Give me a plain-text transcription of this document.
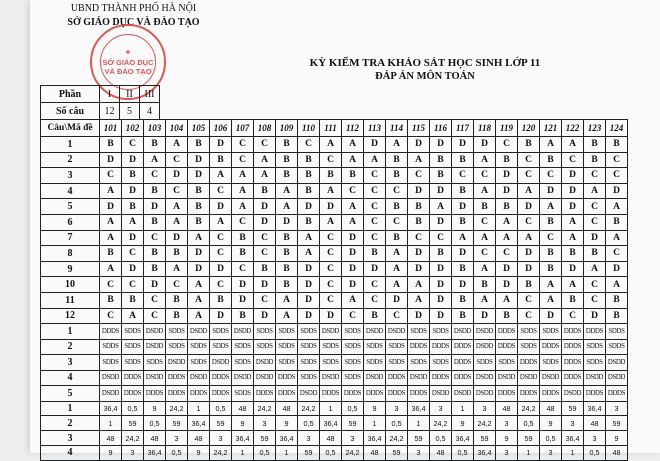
UBND THÀNH PHỐ HÀ NỘI
SỞ GIÁO DỤC VÀ ĐÀO TẠO
★
SỞ GIÁO DỤC
VÀ ĐÀO TẠO
KỲ KIỂM TRA KHẢO SÁT HỌC SINH LỚP 11
ĐÁP ÁN MÔN TOÁN
Phần	I	II	III
Số câu	12	5	4
Câu\Mã đề	101	102	103	104	105	106	107	108	109	110	111	112	113	114	115	116	117	118	119	120	121	122	123	124
1	B	C	B	A	B	D	C	C	B	C	A	A	D	A	D	D	D	D	C	B	A	A	B	B
2	D	D	A	C	D	B	C	A	B	B	C	A	A	B	A	B	B	A	B	C	B	C	B	C
3	C	B	C	D	D	A	A	A	B	B	B	B	C	B	C	B	C	C	D	C	C	D	C	C
4	A	D	B	C	B	C	A	B	A	B	A	C	C	C	D	D	B	A	D	A	D	D	A	D
5	D	B	D	A	B	D	A	D	A	D	D	A	C	B	B	A	D	B	B	D	A	D	C	A
6	A	A	B	A	B	A	C	D	D	B	A	A	C	C	B	D	B	C	A	C	B	A	C	B
7	A	D	C	D	A	C	B	C	B	A	C	D	C	B	C	C	A	A	A	A	C	A	D	A
8	B	C	B	B	D	C	B	C	B	A	C	D	B	A	D	B	D	C	C	D	B	B	B	C
9	A	D	B	A	D	D	C	B	B	D	C	D	D	A	D	D	B	A	D	D	B	D	A	D
10	C	C	D	C	A	C	D	D	B	D	C	D	C	A	A	D	D	B	D	B	A	A	C	A
11	B	B	C	B	A	B	D	C	A	D	C	A	C	D	A	D	B	A	A	C	A	B	C	B
12	C	A	C	B	A	D	B	D	A	D	D	C	B	C	D	D	B	D	B	C	D	C	D	B
1	DDDS	SDDS	DSDD	SDDS	DSDD	SDDS	DSDD	SDDS	SDDS	SDDS	DSDD	SDDS	DSDD	DSDD	SDDS	SDDS	DSDD	DSDD	DDDS	SDDS	SDDS	DDDS	DDDS	SDDS
2	SDDS	SDDS	DSDD	SDDS	SDDS	SDDS	SDDS	SDDS	SDDS	SDDS	SDDS	SDDS	SDDS	SDDS	DDDS	DDDS	DDDS	DSDD	DDDS	SDDS	DDDS	DDDS	SDDS	SDDS
3	SDDS	SDDS	SDDS	DSDD	SDDS	DSDD	SDDS	DSDD	SDDS	SDDS	SDDS	SDDS	SDDS	SDDS	SDDS	SDDS	DDDS	SDDS	SDDS	DDDS	SDDS	DDDS	SDDS	DSDD
4	DSDD	DDDS	DSDD	DDDS	DSDD	DDDS	DSDD	DSDD	DDDS	SDDS	DSDD	SDDS	DSDD	DDDS	DSDD	DDDS	DDDS	DSDD	DSDD	DSDD	DSDD	DDDS	DSDD	DSDD
5	DSDD	DDDS	DDDS	DDDS	DDDS	DDDS	SDDS	DDDS	DDDS	DSDD	DDDS	DDDS	DDDS	DDDS	DDDS	DSDD	DSDD	DSDD	DDDS	DDDS	DDDS	DSDD	DDDS	DDDS
1	36,4	0,5	9	24,2	1	0,5	48	24,2	48	24,2	1	0,5	9	3	36,4	3	1	3	48	24,2	48	59	36,4	3
2	1	59	0,5	59	36,4	59	9	3	9	0,5	36,4	59	1	0,5	1	24,2	9	24,2	3	0,5	9	3	48	59
3	48	24,2	48	3	48	3	36,4	59	36,4	3	48	3	36,4	24,2	59	0,5	36,4	59	9	59	0,5	36,4	3	9
4	9	3	36,4	0,5	9	24,2	1	0,5	1	59	0,5	24,2	48	59	3	48	0,5	36,4	3	1	3	1	0,5	48
